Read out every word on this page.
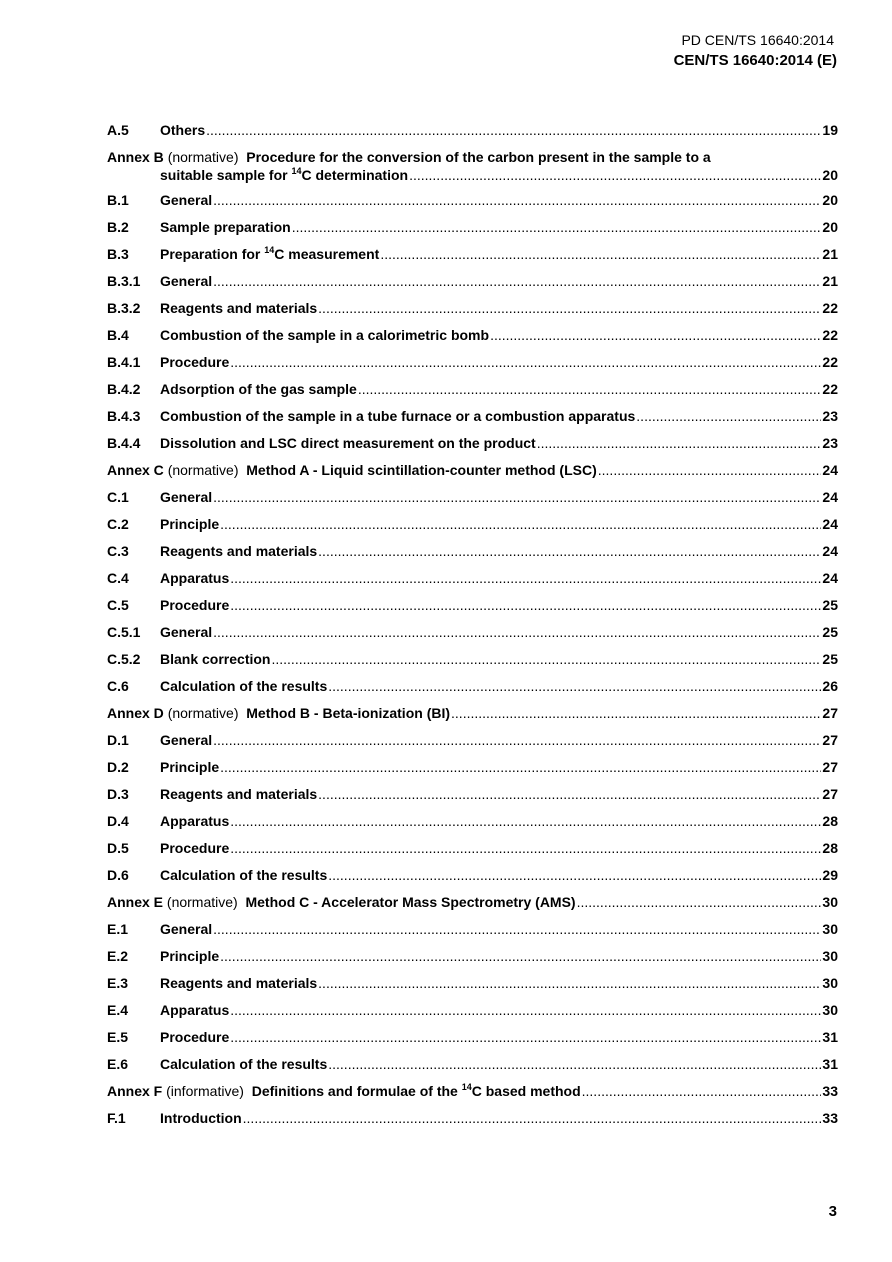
PD CEN/TS 16640:2014
CEN/TS 16640:2014 (E)
A.5	Others .....	19
Annex B (normative) Procedure for the conversion of the carbon present in the sample to a
suitable sample for $^{14}$C determination .....	20
B.1	General .....	20
B.2	Sample preparation .....	20
B.3	Preparation for $^{14}$C measurement .....	21
B.3.1	General .....	21
B.3.2	Reagents and materials .....	22
B.4	Combustion of the sample in a calorimetric bomb .....	22
B.4.1	Procedure .....	22
B.4.2	Adsorption of the gas sample .....	22
B.4.3	Combustion of the sample in a tube furnace or a combustion apparatus .....	23
B.4.4	Dissolution and LSC direct measurement on the product .....	23
Annex C (normative) Method A - Liquid scintillation-counter method (LSC) .....	24
C.1	General .....	24
C.2	Principle .....	24
C.3	Reagents and materials .....	24
C.4	Apparatus .....	24
C.5	Procedure .....	25
C.5.1	General .....	25
C.5.2	Blank correction .....	25
C.6	Calculation of the results .....	26
Annex D (normative) Method B - Beta-ionization (BI) .....	27
D.1	General .....	27
D.2	Principle .....	27
D.3	Reagents and materials .....	27
D.4	Apparatus .....	28
D.5	Procedure .....	28
D.6	Calculation of the results .....	29
Annex E (normative) Method C - Accelerator Mass Spectrometry (AMS) .....	30
E.1	General .....	30
E.2	Principle .....	30
E.3	Reagents and materials .....	30
E.4	Apparatus .....	30
E.5	Procedure .....	31
E.6	Calculation of the results .....	31
Annex F (informative) Definitions and formulae of the $^{14}$C based method .....	33
F.1	Introduction .....	33
3
